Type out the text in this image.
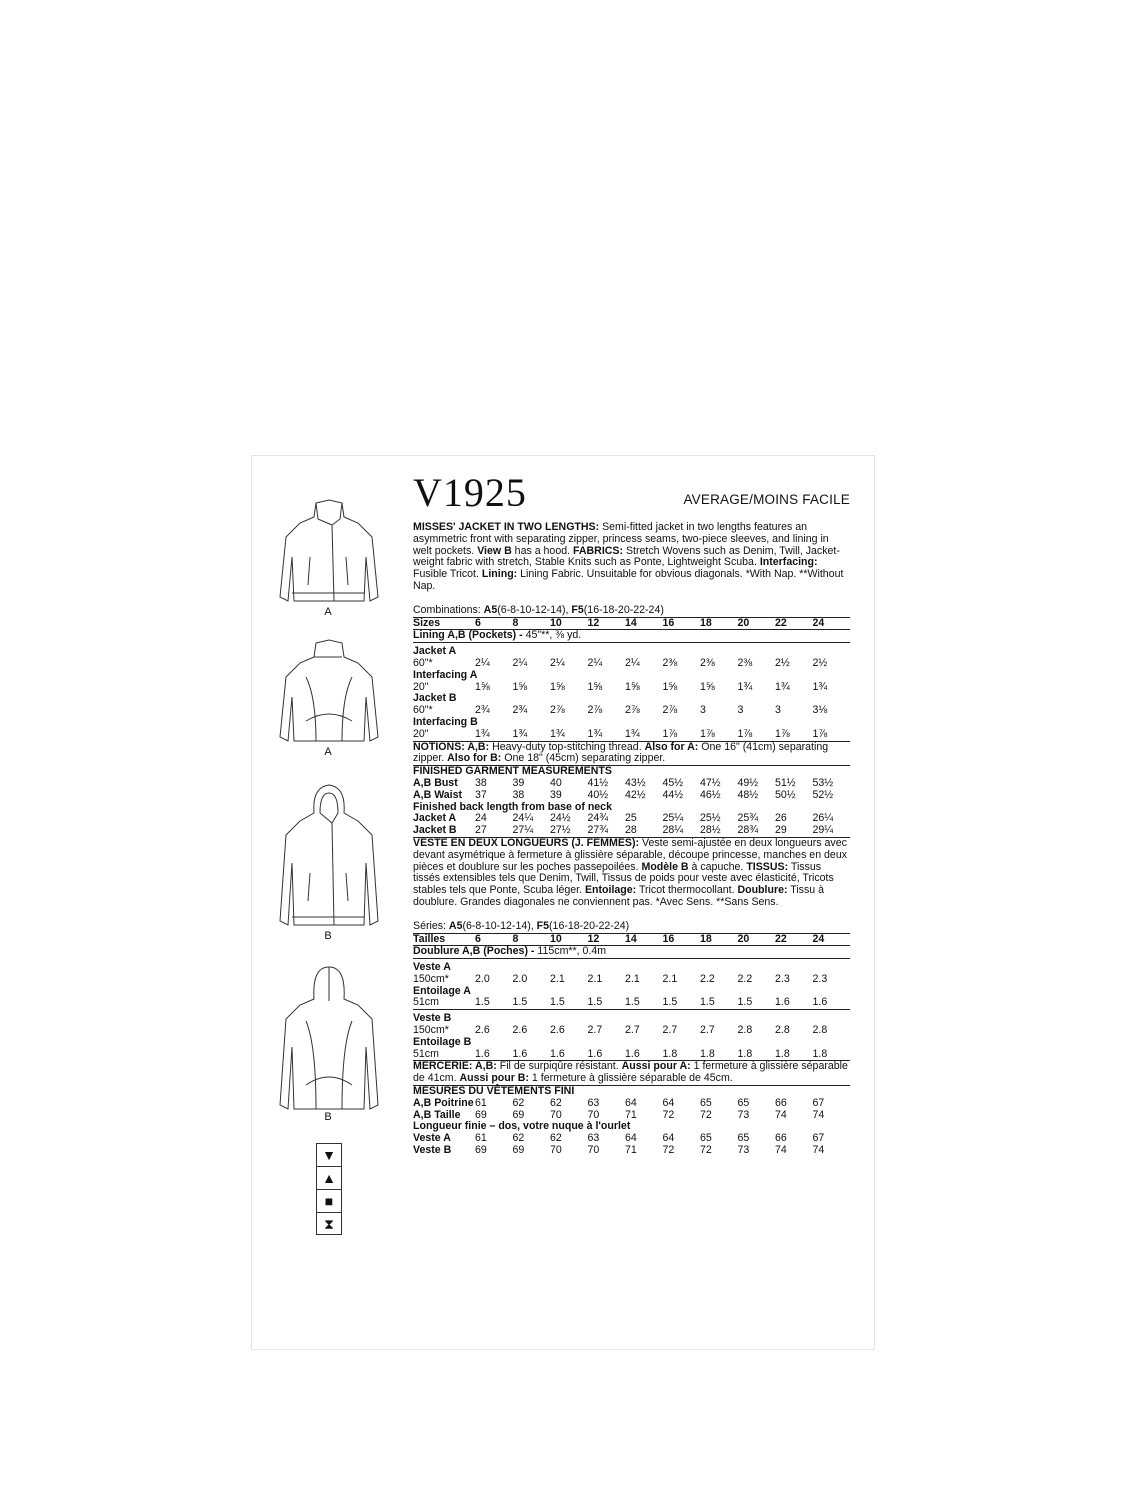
A
A
B
B
▼
▲
■
⧗
V1925	AVERAGE/MOINS FACILE

MISSES' JACKET IN TWO LENGTHS: Semi-fitted jacket in two lengths features an asymmetric front with separating zipper, princess seams, two-piece sleeves, and lining in welt pockets. View B has a hood. FABRICS: Stretch Wovens such as Denim, Twill, Jacket-weight fabric with stretch, Stable Knits such as Ponte, Lightweight Scuba. Interfacing: Fusible Tricot. Lining: Lining Fabric. Unsuitable for obvious diagonals. *With Nap. **Without Nap.

Combinations: A5(6-8-10-12-14), F5(16-18-20-22-24)

Sizes	6	8	10	12	14	16	18	20	22	24
Lining A,B (Pockets) - 45"**, ⅜ yd.										
Jacket A										
60"*	2¼	2¼	2¼	2¼	2¼	2⅜	2⅜	2⅜	2½	2½
Interfacing A										
20"	1⅝	1⅝	1⅝	1⅝	1⅝	1⅝	1⅝	1¾	1¾	1¾
Jacket B										
60"*	2¾	2¾	2⅞	2⅞	2⅞	2⅞	3	3	3	3⅛
Interfacing B										
20"	1¾	1¾	1¾	1¾	1¾	1⅞	1⅞	1⅞	1⅞	1⅞
NOTIONS: A,B: Heavy-duty top-stitching thread. Also for A: One 16" (41cm) separating zipper. Also for B: One 18" (45cm) separating zipper.										
FINISHED GARMENT MEASUREMENTS										
A,B Bust	38	39	40	41½	43½	45½	47½	49½	51½	53½
A,B Waist	37	38	39	40½	42½	44½	46½	48½	50½	52½
Finished back length from base of neck										
Jacket A	24	24¼	24½	24¾	25	25¼	25½	25¾	26	26¼
Jacket B	27	27¼	27½	27¾	28	28¼	28½	28¾	29	29¼

VESTE EN DEUX LONGUEURS (J. FEMMES): Veste semi-ajustée en deux longueurs avec devant asymétrique à fermeture à glissière séparable, découpe princesse, manches en deux pièces et doublure sur les poches passepoilées. Modèle B à capuche. TISSUS: Tissus tissés extensibles tels que Denim, Twill, Tissus de poids pour veste avec élasticité, Tricots stables tels que Ponte, Scuba léger. Entoilage: Tricot thermocollant. Doublure: Tissu à doublure. Grandes diagonales ne conviennent pas. *Avec Sens. **Sans Sens.

Séries: A5(6-8-10-12-14), F5(16-18-20-22-24)

Tailles	6	8	10	12	14	16	18	20	22	24
Doublure A,B (Poches) - 115cm**, 0.4m										
Veste A										
150cm*	2.0	2.0	2.1	2.1	2.1	2.1	2.2	2.2	2.3	2.3
Entoilage A										
51cm	1.5	1.5	1.5	1.5	1.5	1.5	1.5	1.5	1.6	1.6
Veste B										
150cm*	2.6	2.6	2.6	2.7	2.7	2.7	2.7	2.8	2.8	2.8
Entoilage B										
51cm	1.6	1.6	1.6	1.6	1.6	1.8	1.8	1.8	1.8	1.8
MERCERIE: A,B: Fil de surpiqûre résistant. Aussi pour A: 1 fermeture à glissière séparable de 41cm. Aussi pour B: 1 fermeture à glissière séparable de 45cm.										
MESURES DU VÊTEMENTS FINI										
A,B Poitrine	61	62	62	63	64	64	65	65	66	67
A,B Taille	69	69	70	70	71	72	72	73	74	74
Longueur finie – dos, votre nuque à l'ourlet										
Veste A	61	62	62	63	64	64	65	65	66	67
Veste B	69	69	70	70	71	72	72	73	74	74
